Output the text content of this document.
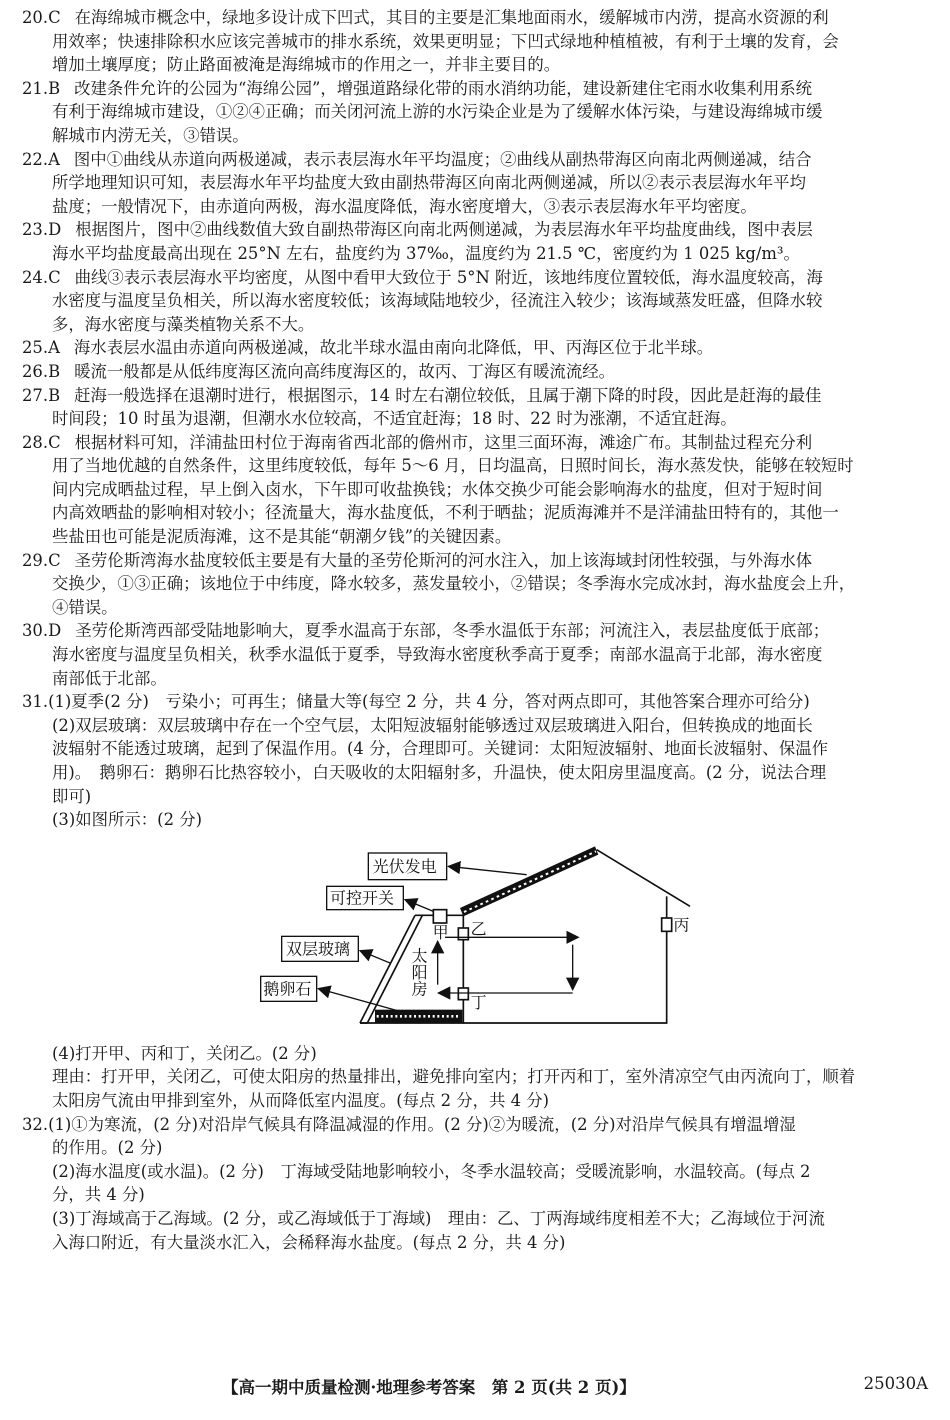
20.C 在海绵城市概念中，绿地多设计成下凹式，其目的主要是汇集地面雨水，缓解城市内涝，提高水资源的利
用效率；快速排除积水应该完善城市的排水系统，效果更明显；下凹式绿地种植植被，有利于土壤的发育，会
增加土壤厚度；防止路面被淹是海绵城市的作用之一，并非主要目的。
21.B 改建条件允许的公园为“海绵公园”，增强道路绿化带的雨水消纳功能，建设新建住宅雨水收集利用系统
有利于海绵城市建设，①②④正确；而关闭河流上游的水污染企业是为了缓解水体污染，与建设海绵城市缓
解城市内涝无关，③错误。
22.A 图中①曲线从赤道向两极递减，表示表层海水年平均温度；②曲线从副热带海区向南北两侧递减，结合
所学地理知识可知，表层海水年平均盐度大致由副热带海区向南北两侧递减，所以②表示表层海水年平均
盐度；一般情况下，由赤道向两极，海水温度降低，海水密度增大，③表示表层海水年平均密度。
23.D 根据图片，图中②曲线数值大致自副热带海区向南北两侧递减，为表层海水年平均盐度曲线，图中表层
海水平均盐度最高出现在 25°N 左右，盐度约为 37‰，温度约为 21.5 ℃，密度约为 1 025 kg/m³。
24.C 曲线③表示表层海水平均密度，从图中看甲大致位于 5°N 附近，该地纬度位置较低，海水温度较高，海
水密度与温度呈负相关，所以海水密度较低；该海域陆地较少，径流注入较少；该海域蒸发旺盛，但降水较
多，海水密度与藻类植物关系不大。
25.A 海水表层水温由赤道向两极递减，故北半球水温由南向北降低，甲、丙海区位于北半球。
26.B 暖流一般都是从低纬度海区流向高纬度海区的，故丙、丁海区有暖流流经。
27.B 赶海一般选择在退潮时进行，根据图示，14 时左右潮位较低，且属于潮下降的时段，因此是赶海的最佳
时间段；10 时虽为退潮，但潮水水位较高，不适宜赶海；18 时、22 时为涨潮，不适宜赶海。
28.C 根据材料可知，洋浦盐田村位于海南省西北部的儋州市，这里三面环海，滩途广布。其制盐过程充分利
用了当地优越的自然条件，这里纬度较低，每年 5～6 月，日均温高，日照时间长，海水蒸发快，能够在较短时
间内完成晒盐过程，早上倒入卤水，下午即可收盐换钱；水体交换少可能会影响海水的盐度，但对于短时间
内高效晒盐的影响相对较小；径流量大，海水盐度低，不利于晒盐；泥质海滩并不是洋浦盐田特有的，其他一
些盐田也可能是泥质海滩，这不是其能“朝潮夕钱”的关键因素。
29.C 圣劳伦斯湾海水盐度较低主要是有大量的圣劳伦斯河的河水注入，加上该海域封闭性较强，与外海水体
交换少，①③正确；该地位于中纬度，降水较多，蒸发量较小，②错误；冬季海水完成冰封，海水盐度会上升，
④错误。
30.D 圣劳伦斯湾西部受陆地影响大，夏季水温高于东部，冬季水温低于东部；河流注入，表层盐度低于底部；
海水密度与温度呈负相关，秋季水温低于夏季，导致海水密度秋季高于夏季；南部水温高于北部，海水密度
南部低于北部。
31.(1)夏季(2 分)　亏染小；可再生；储量大等(每空 2 分，共 4 分，答对两点即可，其他答案合理亦可给分)
(2)双层玻璃：双层玻璃中存在一个空气层，太阳短波辐射能够透过双层玻璃进入阳台，但转换成的地面长
波辐射不能透过玻璃，起到了保温作用。(4 分，合理即可。关键词：太阳短波辐射、地面长波辐射、保温作
用)。　鹅卵石：鹅卵石比热容较小，白天吸收的太阳辐射多，升温快，使太阳房里温度高。(2 分，说法合理
即可)
(3)如图所示：(2 分)
光伏发电
可控开关
双层玻璃
鹅卵石
甲 乙	丙
丁
太
阳
房
(4)打开甲、丙和丁，关闭乙。(2 分)
理由：打开甲，关闭乙，可使太阳房的热量排出，避免排向室内；打开丙和丁，室外清凉空气由丙流向丁，顺着
太阳房气流由甲排到室外，从而降低室内温度。(每点 2 分，共 4 分)
32.(1)①为寒流，(2 分)对沿岸气候具有降温减湿的作用。(2 分)②为暖流，(2 分)对沿岸气候具有增温增湿
的作用。(2 分)
(2)海水温度(或水温)。(2 分)　丁海域受陆地影响较小，冬季水温较高；受暖流影响，水温较高。(每点 2
分，共 4 分)
(3)丁海域高于乙海域。(2 分，或乙海域低于丁海域)　理由：乙、丁两海域纬度相差不大；乙海域位于河流
入海口附近，有大量淡水汇入，会稀释海水盐度。(每点 2 分，共 4 分)
【高一期中质量检测·地理参考答案　第 2 页(共 2 页)】	25030A
